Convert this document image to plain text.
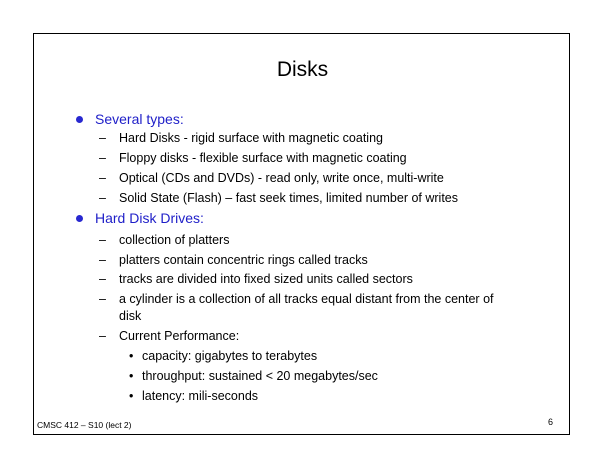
Disks
Several types:
– Hard Disks - rigid surface with magnetic coating
– Floppy disks - flexible surface with magnetic coating
– Optical (CDs and DVDs) - read only, write once, multi-write
– Solid State (Flash) – fast seek times, limited number of writes
Hard Disk Drives:
– collection of platters
– platters contain concentric rings called tracks
– tracks are divided into fixed sized units called sectors
– a cylinder is a collection of all tracks equal distant from the center of
disk
– Current Performance:
• capacity: gigabytes to terabytes
• throughput: sustained < 20 megabytes/sec
• latency: mili-seconds
CMSC 412 – S10 (lect 2)	6
